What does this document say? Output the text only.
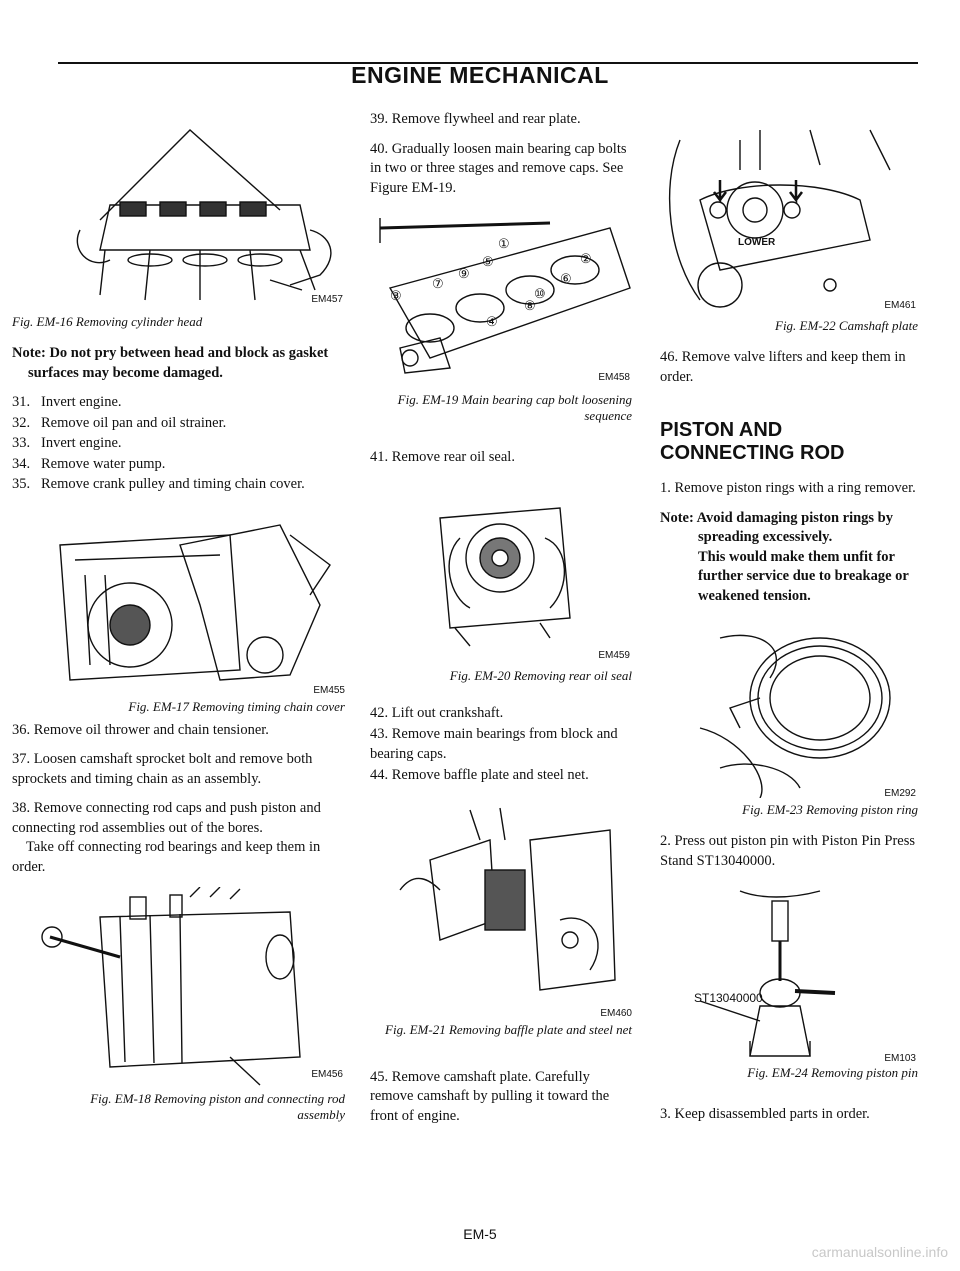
ENGINE MECHANICAL
EM457
Fig. EM-16 Removing cylinder head

Note: Do not pry between head and block as gasket surfaces may become damaged.

31. Invert engine.
32. Remove oil pan and oil strainer.
33. Invert engine.
34. Remove water pump.
35. Remove crank pulley and timing chain cover.
EM455
Fig. EM-17 Removing timing chain cover

36. Remove oil thrower and chain tensioner.

37. Loosen camshaft sprocket bolt and remove both sprockets and timing chain as an assembly.

38. Remove connecting rod caps and push piston and connecting rod assemblies out of the bores.

Take off connecting rod bearings and keep them in order.

EM456
Fig. EM-18 Removing piston and connecting rod assembly

39. Remove flywheel and rear plate.

40. Gradually loosen main bearing cap bolts in two or three stages and remove caps. See Figure EM-19.

①
②
③
④
⑤
⑥
⑦
⑧
⑨
⑩
EM458
Fig. EM-19 Main bearing cap bolt loosening sequence

41. Remove rear oil seal.

EM459
Fig. EM-20 Removing rear oil seal

42. Lift out crankshaft.

43. Remove main bearings from block and bearing caps.

44. Remove baffle plate and steel net.

EM460
Fig. EM-21 Removing baffle plate and steel net

45. Remove camshaft plate. Carefully remove camshaft by pulling it toward the front of engine.

LOWER
EM461
Fig. EM-22 Camshaft plate

46. Remove valve lifters and keep them in order.

PISTON AND
CONNECTING ROD

1. Remove piston rings with a ring remover.

Note: Avoid damaging piston rings by spreading excessively.
This would make them unfit for further service due to breakage or weakened tension.
EM292
Fig. EM-23 Removing piston ring

2. Press out piston pin with Piston Pin Press Stand ST13040000.

ST13040000
EM103
Fig. EM-24 Removing piston pin

3. Keep disassembled parts in order.

EM-5
carmanualsonline.info
